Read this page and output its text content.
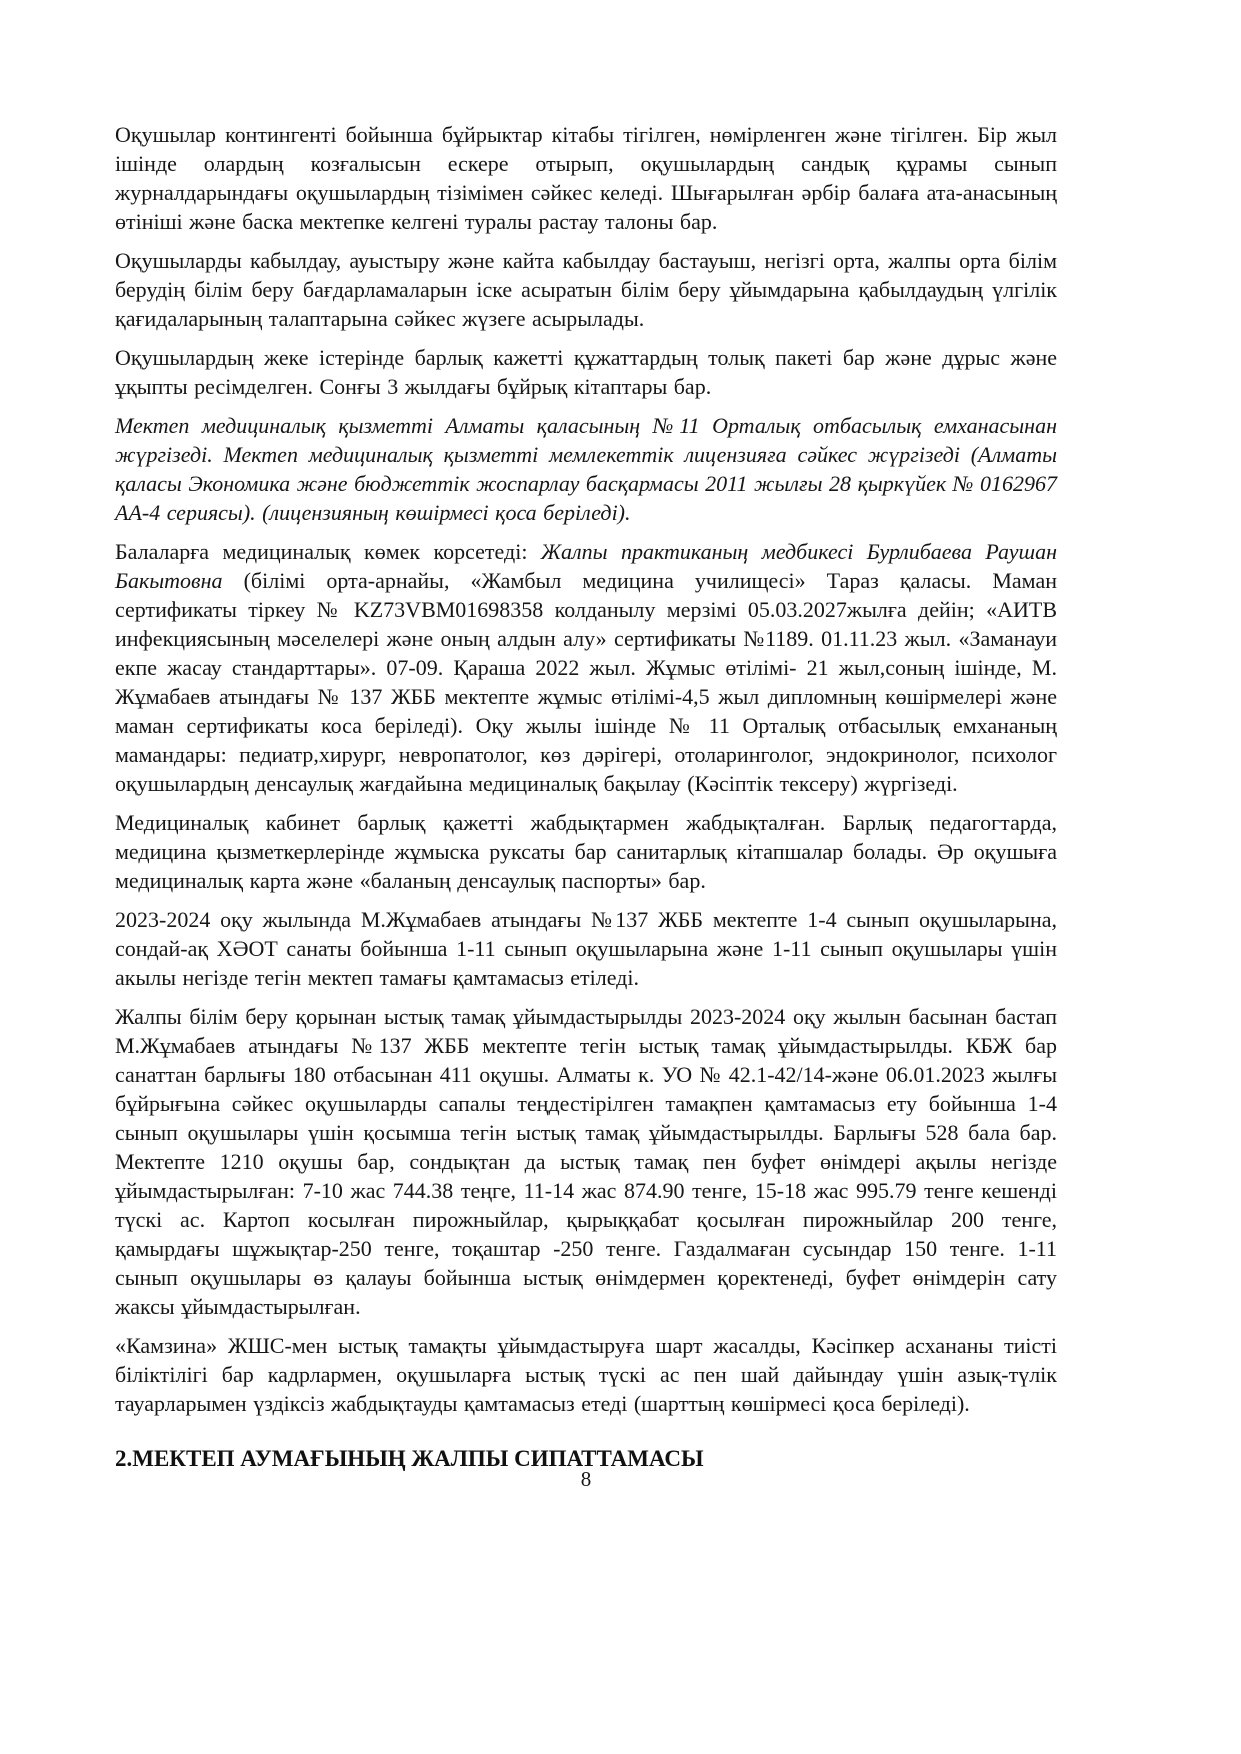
Оқушылар контингенті бойынша бұйрыктар кітабы тігілген, нөмірленген және тігілген. Бір жыл ішінде олардың козғалысын ескере отырып, оқушылардың сандық құрамы сынып журналдарындағы оқушылардың тізімімен сәйкес келеді. Шығарылған әрбір балаға ата-анасының өтініші және баска мектепке келгені туралы растау талоны бар.

Оқушыларды кабылдау, ауыстыру және кайта кабылдау бастауыш, негізгі орта, жалпы орта білім берудің білім беру бағдарламаларын іске асыратын білім беру ұйымдарына қабылдаудың үлгілік қағидаларының талаптарына сәйкес жүзеге асырылады.

Оқушылардың жеке істерінде барлық кажетті құжаттардың толық пакеті бар және дұрыс және ұқыпты ресімделген. Сонғы 3 жылдағы бұйрық кітаптары бар.

Мектеп медициналық қызметті Алматы қаласының №11 Орталық отбасылық емханасынан жүргізеді. Мектеп медициналық қызметті мемлекеттік лицензияға сәйкес жүргізеді (Алматы қаласы Экономика және бюджеттік жоспарлау басқармасы 2011 жылғы 28 қыркүйек № 0162967 АА-4 сериясы). (лицензияның көшірмесі қоса беріледі).

Балаларға медициналық көмек корсетеді: Жалпы практиканың медбикесі Бурлибаева Раушан Бакытовна (білімі орта-арнайы, «Жамбыл медицина училищесі» Тараз қаласы. Маман сертификаты тіркеу № KZ73VBM01698358 колданылу мерзімі 05.03.2027жылға дейін; «АИТВ инфекциясының мәселелері және оның алдын алу» сертификаты №1189. 01.11.23 жыл. «Заманауи екпе жасау стандарттары». 07-09. Қараша 2022 жыл. Жұмыс өтілімі- 21 жыл,соның ішінде, М. Жұмабаев атындағы № 137 ЖББ мектепте жұмыс өтілімі-4,5 жыл дипломның көшірмелері және маман сертификаты коса беріледі). Оқу жылы ішінде № 11 Орталық отбасылық емхананың мамандары: педиатр,хирург, невропатолог, көз дәрігері, отоларинголог, эндокринолог, психолог оқушылардың денсаулық жағдайына медициналық бақылау (Кәсіптік тексеру) жүргізеді.

Медициналық кабинет барлық қажетті жабдықтармен жабдықталған. Барлық педагогтарда, медицина қызметкерлерінде жұмыска руксаты бар санитарлық кітапшалар болады. Әр оқушыға медициналық карта және «баланың денсаулық паспорты» бар.

2023-2024 оқу жылында М.Жұмабаев атындағы №137 ЖББ мектепте 1-4 сынып оқушыларына, сондай-ақ ХӘОТ санаты бойынша 1-11 сынып оқушыларына және 1-11 сынып оқушылары үшін акылы негізде тегін мектеп тамағы қамтамасыз етіледі.

Жалпы білім беру қорынан ыстық тамақ ұйымдастырылды 2023-2024 оқу жылын басынан бастап М.Жұмабаев атындағы №137 ЖББ мектепте тегін ыстық тамақ ұйымдастырылды. КБЖ бар санаттан барлығы 180 отбасынан 411 оқушы. Алматы к. УО № 42.1-42/14-және 06.01.2023 жылғы бұйрығына сәйкес оқушыларды сапалы теңдестірілген тамақпен қамтамасыз ету бойынша 1-4 сынып оқушылары үшін қосымша тегін ыстық тамақ ұйымдастырылды. Барлығы 528 бала бар. Мектепте 1210 оқушы бар, сондықтан да ыстық тамақ пен буфет өнімдері ақылы негізде ұйымдастырылған: 7-10 жас 744.38 теңге, 11-14 жас 874.90 тенге, 15-18 жас 995.79 тенге кешенді түскі ас. Картоп косылған пирожныйлар, қырыққабат қосылған пирожныйлар 200 тенге, қамырдағы шұжықтар-250 тенге, тоқаштар -250 тенге. Газдалмаған сусындар 150 тенге. 1-11 сынып оқушылары өз қалауы бойынша ыстық өнімдермен қоректенеді, буфет өнімдерін сату жаксы ұйымдастырылған.

«Камзина» ЖШС-мен ыстық тамақты ұйымдастыруға шарт жасалды, Кәсіпкер асхананы тиісті біліктілігі бар кадрлармен, оқушыларға ыстық түскі ас пен шай дайындау үшін азық-түлік тауарларымен үздіксіз жабдықтауды қамтамасыз етеді (шарттың көшірмесі қоса беріледі).

2.МЕКТЕП АУМАҒЫНЫҢ ЖАЛПЫ СИПАТТАМАСЫ
8
